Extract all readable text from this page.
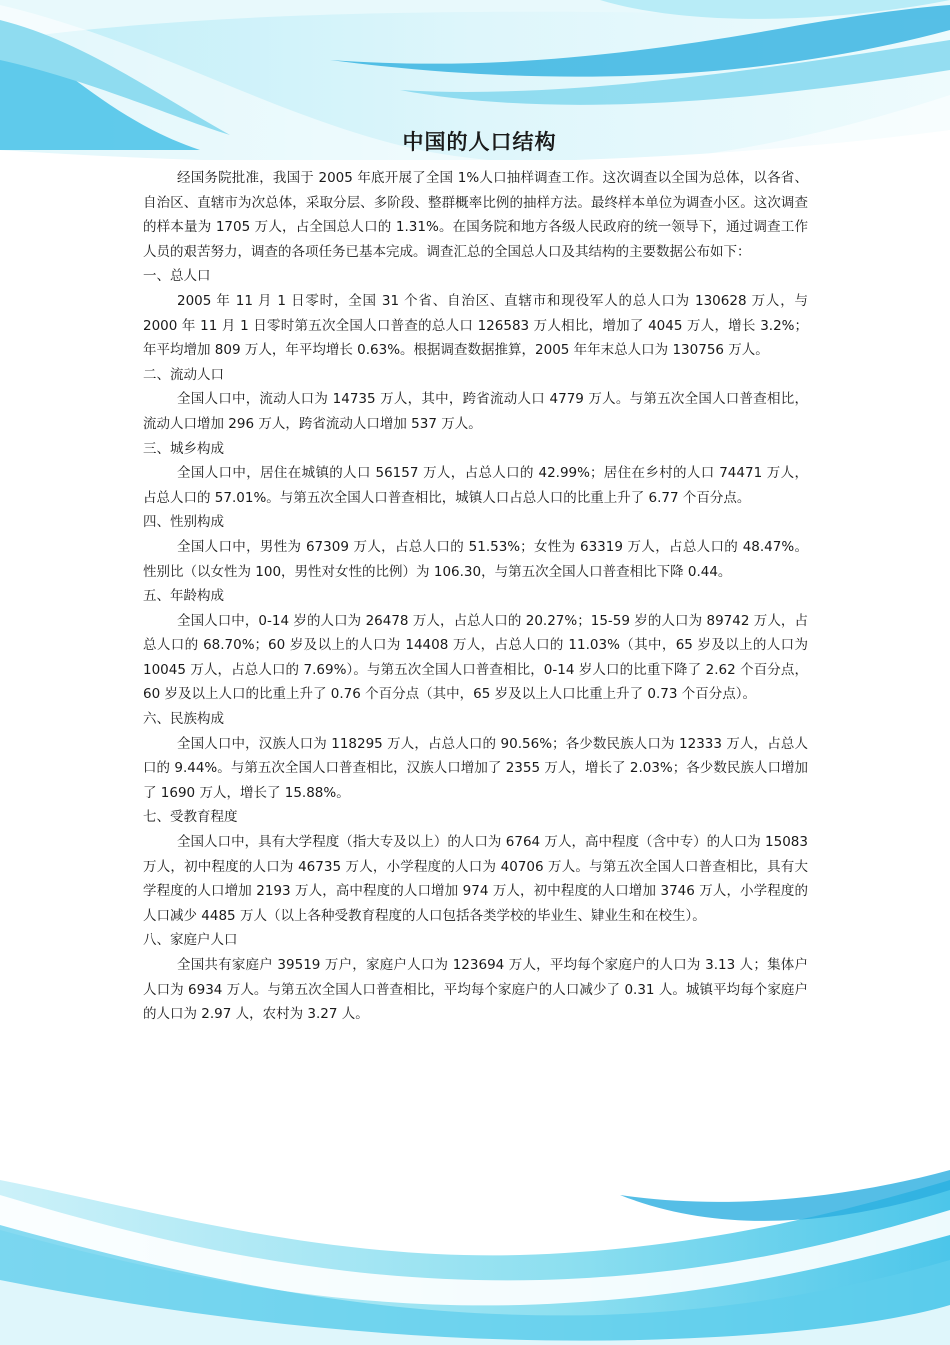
中国的人口结构

经国务院批准，我国于 2005 年底开展了全国 1%人口抽样调查工作。这次调查以全国为总体，以各省、自治区、直辖市为次总体，采取分层、多阶段、整群概率比例的抽样方法。最终样本单位为调查小区。这次调查的样本量为 1705 万人，占全国总人口的 1.31%。在国务院和地方各级人民政府的统一领导下，通过调查工作人员的艰苦努力，调查的各项任务已基本完成。调查汇总的全国总人口及其结构的主要数据公布如下：

一、总人口

2005 年 11 月 1 日零时，全国 31 个省、自治区、直辖市和现役军人的总人口为 130628 万人，与 2000 年 11 月 1 日零时第五次全国人口普查的总人口 126583 万人相比，增加了 4045 万人，增长 3.2%；年平均增加 809 万人，年平均增长 0.63%。根据调查数据推算，2005 年年末总人口为 130756 万人。

二、流动人口

全国人口中，流动人口为 14735 万人，其中，跨省流动人口 4779 万人。与第五次全国人口普查相比，流动人口增加 296 万人，跨省流动人口增加 537 万人。

三、城乡构成

全国人口中，居住在城镇的人口 56157 万人，占总人口的 42.99%；居住在乡村的人口 74471 万人，占总人口的 57.01%。与第五次全国人口普查相比，城镇人口占总人口的比重上升了 6.77 个百分点。

四、性别构成

全国人口中，男性为 67309 万人，占总人口的 51.53%；女性为 63319 万人，占总人口的 48.47%。性别比（以女性为 100，男性对女性的比例）为 106.30，与第五次全国人口普查相比下降 0.44。

五、年龄构成

全国人口中，0-14 岁的人口为 26478 万人，占总人口的 20.27%；15-59 岁的人口为 89742 万人，占总人口的 68.70%；60 岁及以上的人口为 14408 万人，占总人口的 11.03%（其中，65 岁及以上的人口为 10045 万人，占总人口的 7.69%）。与第五次全国人口普查相比，0-14 岁人口的比重下降了 2.62 个百分点，60 岁及以上人口的比重上升了 0.76 个百分点（其中，65 岁及以上人口比重上升了 0.73 个百分点）。

六、民族构成

全国人口中，汉族人口为 118295 万人，占总人口的 90.56%；各少数民族人口为 12333 万人，占总人口的 9.44%。与第五次全国人口普查相比，汉族人口增加了 2355 万人，增长了 2.03%；各少数民族人口增加了 1690 万人，增长了 15.88%。

七、受教育程度

全国人口中，具有大学程度（指大专及以上）的人口为 6764 万人，高中程度（含中专）的人口为 15083 万人，初中程度的人口为 46735 万人，小学程度的人口为 40706 万人。与第五次全国人口普查相比，具有大学程度的人口增加 2193 万人，高中程度的人口增加 974 万人，初中程度的人口增加 3746 万人，小学程度的人口减少 4485 万人（以上各种受教育程度的人口包括各类学校的毕业生、肄业生和在校生）。

八、家庭户人口

全国共有家庭户 39519 万户，家庭户人口为 123694 万人，平均每个家庭户的人口为 3.13 人；集体户人口为 6934 万人。与第五次全国人口普查相比，平均每个家庭户的人口减少了 0.31 人。城镇平均每个家庭户的人口为 2.97 人，农村为 3.27 人。
